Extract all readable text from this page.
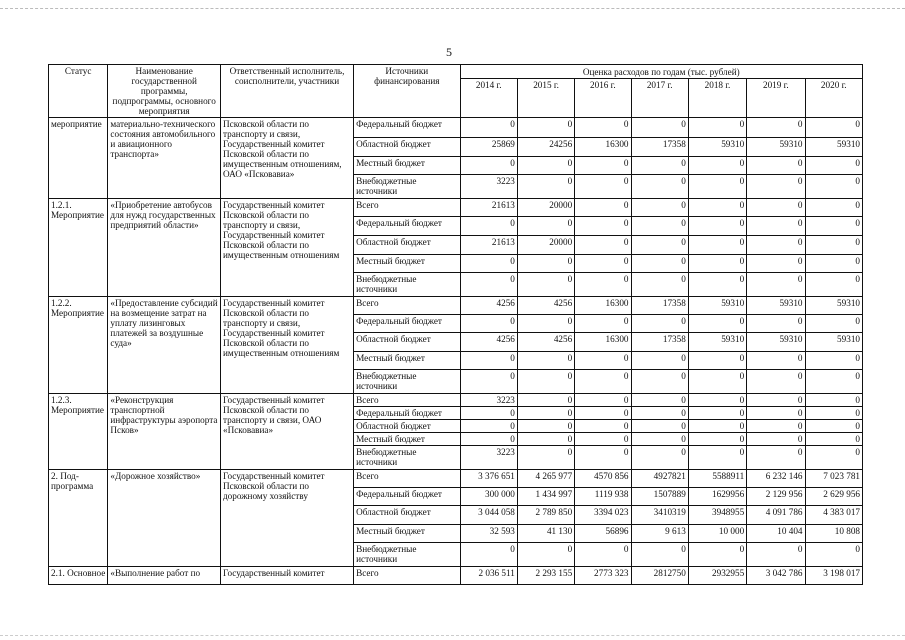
5
Статус	Наименование государственной программы, подпрограммы, основного мероприятия	Ответственный исполнитель, соисполнители, участники	Источники финансирования	Оценка расходов по годам (тыс. рублей)						
				2014 г.	2015 г.	2016 г.	2017 г.	2018 г.	2019 г.	2020 г.
мероприятие	материально-технического состояния автомобильного и авиационного транспорта»	Псковской области по транспорту и связи, Государственный комитет Псковской области по имущественным отношениям, ОАО «Псковавиа»	Федеральный бюджет	0	0	0	0	0	0	0
			Областной бюджет	25869	24256	16300	17358	59310	59310	59310
			Местный бюджет	0	0	0	0	0	0	0
			Внебюджетные источники	3223	0	0	0	0	0	0
1.2.1. Мероприятие	«Приобретение автобусов для нужд государственных предприятий области»	Государственный комитет Псковской области по транспорту и связи, Государственный комитет Псковской области по имущественным отношениям	Всего	21613	20000	0	0	0	0	0
			Федеральный бюджет	0	0	0	0	0	0	0
			Областной бюджет	21613	20000	0	0	0	0	0
			Местный бюджет	0	0	0	0	0	0	0
			Внебюджетные источники	0	0	0	0	0	0	0
1.2.2. Мероприятие	«Предоставление субсидий на возмещение затрат на уплату лизинговых платежей за воздушные суда»	Государственный комитет Псковской области по транспорту и связи, Государственный комитет Псковской области по имущественным отношениям	Всего	4256	4256	16300	17358	59310	59310	59310
			Федеральный бюджет	0	0	0	0	0	0	0
			Областной бюджет	4256	4256	16300	17358	59310	59310	59310
			Местный бюджет	0	0	0	0	0	0	0
			Внебюджетные источники	0	0	0	0	0	0	0
1.2.3. Мероприятие	«Реконструкция транспортной инфраструктуры аэропорта Псков»	Государственный комитет Псковской области по транспорту и связи, ОАО «Псковавиа»	Всего	3223	0	0	0	0	0	0
			Федеральный бюджет	0	0	0	0	0	0	0
			Областной бюджет	0	0	0	0	0	0	0
			Местный бюджет	0	0	0	0	0	0	0
			Внебюджетные источники	3223	0	0	0	0	0	0
2. Под-программа	«Дорожное хозяйство»	Государственный комитет Псковской области по дорожному хозяйству	Всего	3 376 651	4 265 977	4570 856	4927821	5588911	6 232 146	7 023 781
			Федеральный бюджет	300 000	1 434 997	1119 938	1507889	1629956	2 129 956	2 629 956
			Областной бюджет	3 044 058	2 789 850	3394 023	3410319	3948955	4 091 786	4 383 017
			Местный бюджет	32 593	41 130	56896	9 613	10 000	10 404	10 808
			Внебюджетные источники	0	0	0	0	0	0	0
2.1. Основное	«Выполнение работ по	Государственный комитет	Всего	2 036 511	2 293 155	2773 323	2812750	2932955	3 042 786	3 198 017
